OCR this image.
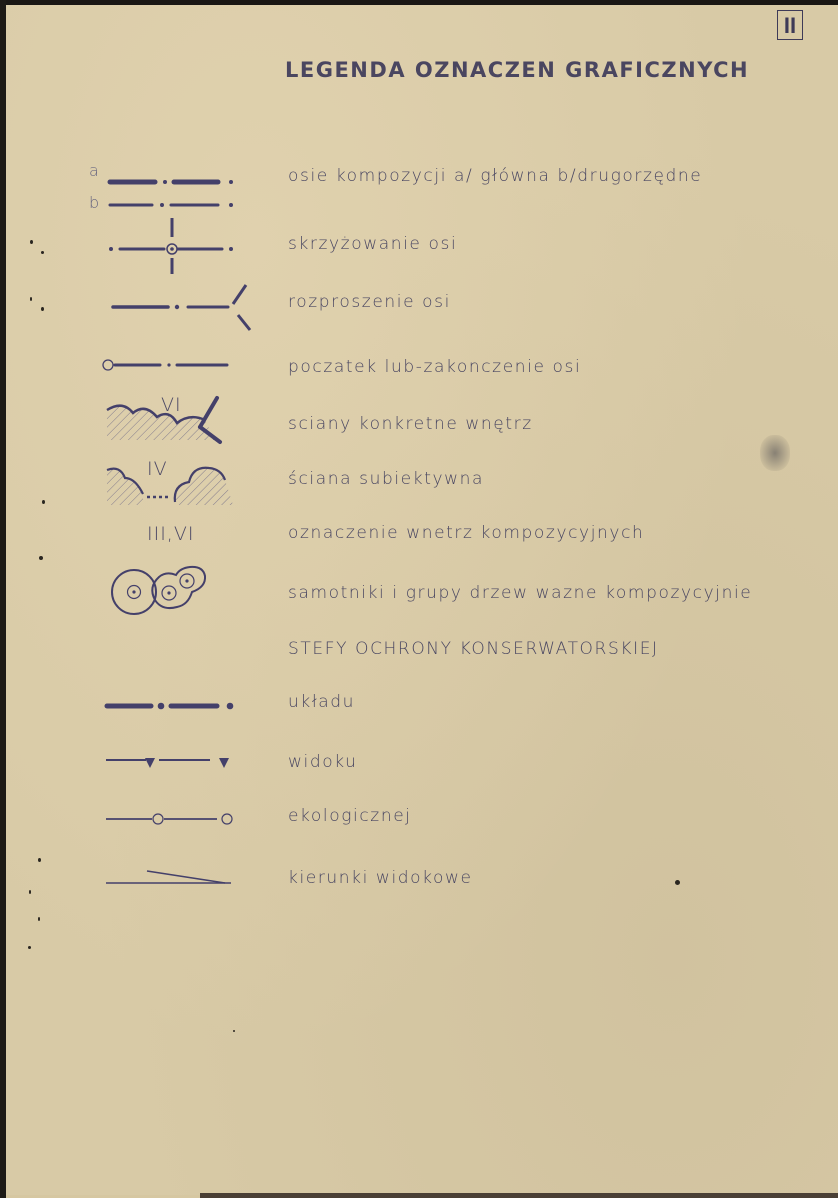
II
LEGENDA OZNACZEN GRAFICZNYCH
a
b
osie kompozycji a/ główna b/drugorzędne
skrzyżowanie osi
rozproszenie osi
poczatek lub-zakonczenie osi
VI
sciany konkretne wnętrz
IV	ściana subiektywna
III,VI	oznaczenie wnetrz kompozycyjnych
samotniki i grupy drzew wazne kompozycyjnie
STEFY OCHRONY KONSERWATORSKIEJ
układu
widoku
ekologicznej
kierunki widokowe
